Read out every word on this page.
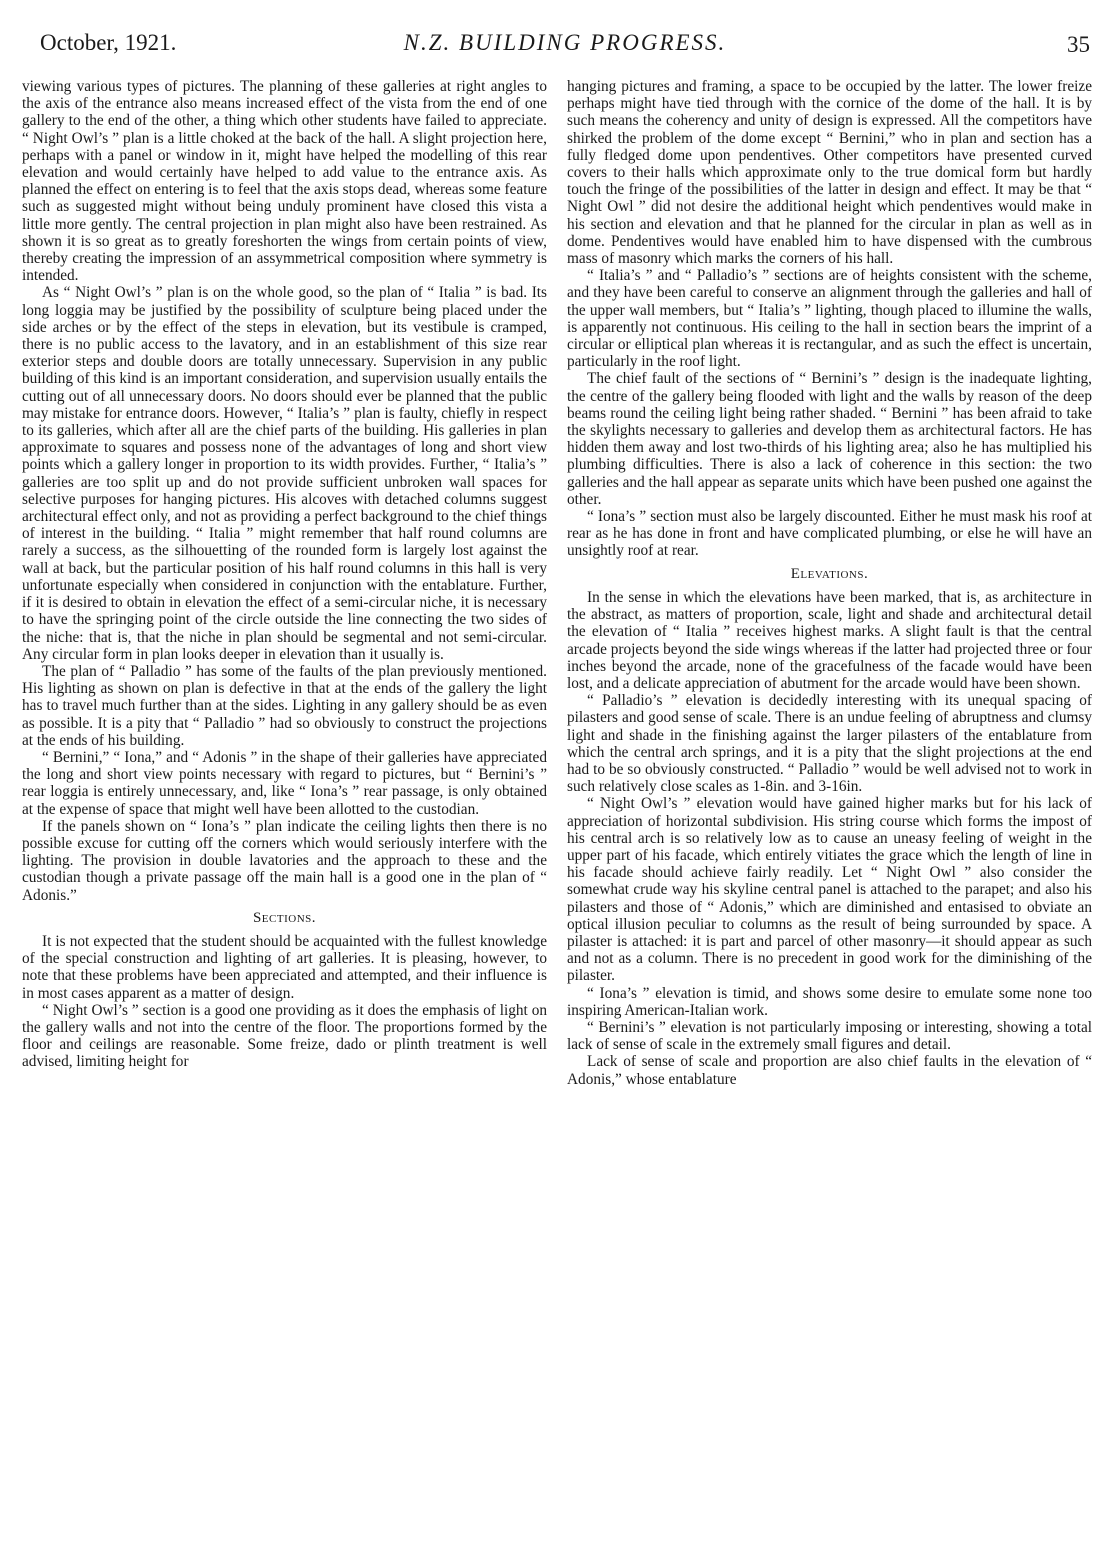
October, 1921.	N.Z. BUILDING PROGRESS.	35

viewing various types of pictures. The planning of these galleries at right angles to the axis of the entrance also means increased effect of the vista from the end of one gallery to the end of the other, a thing which other students have failed to appreciate. “ Night Owl’s ” plan is a little choked at the back of the hall. A slight projection here, perhaps with a panel or window in it, might have helped the modelling of this rear elevation and would certainly have helped to add value to the entrance axis. As planned the effect on entering is to feel that the axis stops dead, whereas some feature such as suggested might without being unduly prominent have closed this vista a little more gently. The central projection in plan might also have been restrained. As shown it is so great as to greatly foreshorten the wings from certain points of view, thereby creating the impression of an assymmetrical composition where symmetry is intended.

As “ Night Owl’s ” plan is on the whole good, so the plan of “ Italia ” is bad. Its long loggia may be justified by the possibility of sculpture being placed under the side arches or by the effect of the steps in elevation, but its vestibule is cramped, there is no public access to the lavatory, and in an establishment of this size rear exterior steps and double doors are totally unnecessary. Supervision in any public building of this kind is an important consideration, and supervision usually entails the cutting out of all unnecessary doors. No doors should ever be planned that the public may mistake for entrance doors. However, “ Italia’s ” plan is faulty, chiefly in respect to its galleries, which after all are the chief parts of the building. His galleries in plan approximate to squares and possess none of the advantages of long and short view points which a gallery longer in proportion to its width provides. Further, “ Italia’s ” galleries are too split up and do not provide sufficient unbroken wall spaces for selective purposes for hanging pictures. His alcoves with detached columns suggest architectural effect only, and not as providing a perfect background to the chief things of interest in the building. “ Italia ” might remember that half round columns are rarely a success, as the silhouetting of the rounded form is largely lost against the wall at back, but the particular position of his half round columns in this hall is very unfortunate especially when considered in conjunction with the entablature. Further, if it is desired to obtain in elevation the effect of a semi-circular niche, it is necessary to have the springing point of the circle outside the line connecting the two sides of the niche: that is, that the niche in plan should be segmental and not semi-circular. Any circular form in plan looks deeper in elevation than it usually is.

The plan of “ Palladio ” has some of the faults of the plan previously mentioned. His lighting as shown on plan is defective in that at the ends of the gallery the light has to travel much further than at the sides. Lighting in any gallery should be as even as possible. It is a pity that “ Palladio ” had so obviously to construct the projections at the ends of his building.

“ Bernini,” “ Iona,” and “ Adonis ” in the shape of their galleries have appreciated the long and short view points necessary with regard to pictures, but “ Bernini’s ” rear loggia is entirely unnecessary, and, like “ Iona’s ” rear passage, is only obtained at the expense of space that might well have been allotted to the custodian.

If the panels shown on “ Iona’s ” plan indicate the ceiling lights then there is no possible excuse for cutting off the corners which would seriously interfere with the lighting. The provision in double lavatories and the approach to these and the custodian though a private passage off the main hall is a good one in the plan of “ Adonis.”

Sections.

It is not expected that the student should be acquainted with the fullest knowledge of the special construction and lighting of art galleries. It is pleasing, however, to note that these problems have been appreciated and attempted, and their influence is in most cases apparent as a matter of design.

“ Night Owl’s ” section is a good one providing as it does the emphasis of light on the gallery walls and not into the centre of the floor. The proportions formed by the floor and ceilings are reasonable. Some freize, dado or plinth treatment is well advised, limiting height for

hanging pictures and framing, a space to be occupied by the latter. The lower freize perhaps might have tied through with the cornice of the dome of the hall. It is by such means the coherency and unity of design is expressed. All the competitors have shirked the problem of the dome except “ Bernini,” who in plan and section has a fully fledged dome upon pendentives. Other competitors have presented curved covers to their halls which approximate only to the true domical form but hardly touch the fringe of the possibilities of the latter in design and effect. It may be that “ Night Owl ” did not desire the additional height which pendentives would make in his section and elevation and that he planned for the circular in plan as well as in dome. Pendentives would have enabled him to have dispensed with the cumbrous mass of masonry which marks the corners of his hall.

“ Italia’s ” and “ Palladio’s ” sections are of heights consistent with the scheme, and they have been careful to conserve an alignment through the galleries and hall of the upper wall members, but “ Italia’s ” lighting, though placed to illumine the walls, is apparently not continuous. His ceiling to the hall in section bears the imprint of a circular or elliptical plan whereas it is rectangular, and as such the effect is uncertain, particularly in the roof light.

The chief fault of the sections of “ Bernini’s ” design is the inadequate lighting, the centre of the gallery being flooded with light and the walls by reason of the deep beams round the ceiling light being rather shaded. “ Bernini ” has been afraid to take the skylights necessary to galleries and develop them as architectural factors. He has hidden them away and lost two-thirds of his lighting area; also he has multiplied his plumbing difficulties. There is also a lack of coherence in this section: the two galleries and the hall appear as separate units which have been pushed one against the other.

“ Iona’s ” section must also be largely discounted. Either he must mask his roof at rear as he has done in front and have complicated plumbing, or else he will have an unsightly roof at rear.

Elevations.

In the sense in which the elevations have been marked, that is, as architecture in the abstract, as matters of proportion, scale, light and shade and architectural detail the elevation of “ Italia ” receives highest marks. A slight fault is that the central arcade projects beyond the side wings whereas if the latter had projected three or four inches beyond the arcade, none of the gracefulness of the facade would have been lost, and a delicate appreciation of abutment for the arcade would have been shown.

“ Palladio’s ” elevation is decidedly interesting with its unequal spacing of pilasters and good sense of scale. There is an undue feeling of abruptness and clumsy light and shade in the finishing against the larger pilasters of the entablature from which the central arch springs, and it is a pity that the slight projections at the end had to be so obviously constructed. “ Palladio ” would be well advised not to work in such relatively close scales as 1-8in. and 3-16in.

“ Night Owl’s ” elevation would have gained higher marks but for his lack of appreciation of horizontal subdivision. His string course which forms the impost of his central arch is so relatively low as to cause an uneasy feeling of weight in the upper part of his facade, which entirely vitiates the grace which the length of line in his facade should achieve fairly readily. Let “ Night Owl ” also consider the somewhat crude way his skyline central panel is attached to the parapet; and also his pilasters and those of “ Adonis,” which are diminished and entasised to obviate an optical illusion peculiar to columns as the result of being surrounded by space. A pilaster is attached: it is part and parcel of other masonry—it should appear as such and not as a column. There is no precedent in good work for the diminishing of the pilaster.

“ Iona’s ” elevation is timid, and shows some desire to emulate some none too inspiring American-Italian work.

“ Bernini’s ” elevation is not particularly imposing or interesting, showing a total lack of sense of scale in the extremely small figures and detail.

Lack of sense of scale and proportion are also chief faults in the elevation of “ Adonis,” whose entablature
